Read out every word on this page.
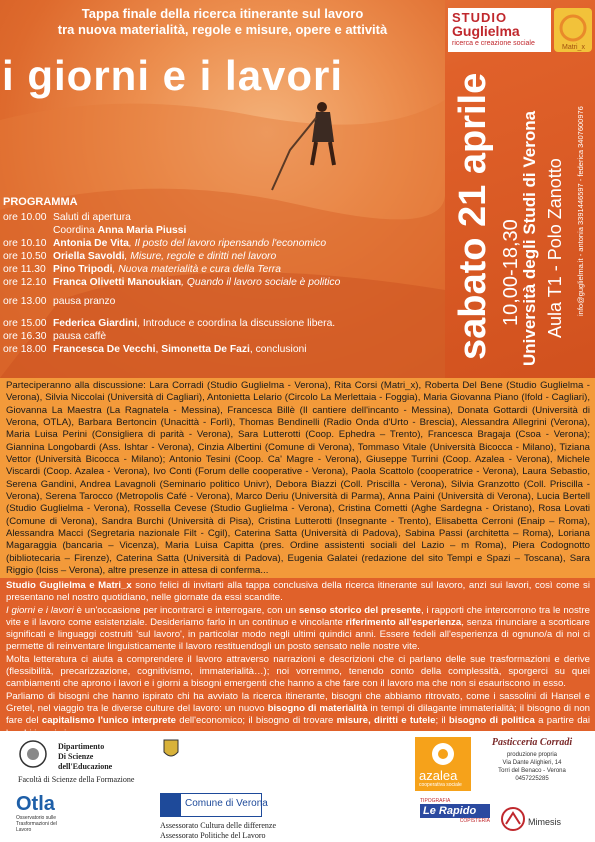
Tappa finale della ricerca itinerante sul lavoro
tra nuova materialità, regole e misure, opere e attività
i giorni e i lavori
STUDIO
Guglielma
ricerca e creazione sociale
Matri_x
sabato 21 aprile 10,00-18,30
Università degli Studi di Verona Aula T1 - Polo Zanotto info@guglielma.it - antonia 3391446597 - federica 3407600976
PROGRAMMA
ore 10.00 Saluti di apertura
Coordina Anna Maria Piussi
ore 10.10 Antonia De Vita, Il posto del lavoro ripensando l'economico
ore 10.50 Oriella Savoldi, Misure, regole e diritti nel lavoro
ore 11.30 Pino Tripodi, Nuova materialità e cura della Terra
ore 12.10 Franca Olivetti Manoukian, Quando il lavoro sociale è politico
ore 13.00 pausa pranzo
ore 15.00 Federica Giardini, Introduce e coordina la discussione libera.
ore 16.30 pausa caffè
ore 18.00 Francesca De Vecchi, Simonetta De Fazi, conclusioni
Parteciperanno alla discussione: Lara Corradi (Studio Guglielma - Verona), Rita Corsi (Matri_x), Roberta Del Bene (Studio Guglielma - Verona), Silvia Niccolai (Università di Cagliari), Antonietta Lelario (Circolo La Merlettaia - Foggia), Maria Giovanna Piano (Ifold - Cagliari), Giovanna La Maestra (La Ragnatela - Messina), Francesca Billè (Il cantiere dell'incanto - Messina), Donata Gottardi (Università di Verona, OTLA), Barbara Bertoncin (Unacittà - Forlì), Thomas Bendinelli (Radio Onda d'Urto - Brescia), Alessandra Allegrini (Verona), Maria Luisa Perini (Consigliera di parità - Verona), Sara Lutterotti (Coop. Ephedra – Trento), Francesca Bragaja (Csoa - Verona); Giannina Longobardi (Ass. Ishtar - Verona), Cinzia Albertini (Comune di Verona), Tommaso Vitale (Università Bicocca - Milano), Tiziana Vettor (Università Bicocca - Milano); Antonio Tesini (Coop. Ca' Magre - Verona), Giuseppe Turrini (Coop. Azalea - Verona), Michele Viscardi (Coop. Azalea - Verona), Ivo Conti (Forum delle cooperative - Verona), Paola Scattolo (cooperatrice - Verona), Laura Sebastio, Serena Gandini, Andrea Lavagnoli (Seminario politico Univr), Debora Biazzi (Coll. Priscilla - Verona), Silvia Granzotto (Coll. Priscilla - Verona), Serena Tarocco (Metropolis Café - Verona), Marco Deriu (Università di Parma), Anna Paini (Università di Verona), Lucia Bertell (Studio Guglielma - Verona), Rossella Cevese (Studio Guglielma - Verona), Cristina Cometti (Aghe Sardegna - Oristano), Rosa Lovati (Comune di Verona), Sandra Burchi (Università di Pisa), Cristina Lutterotti (Insegnante - Trento), Elisabetta Cerroni (Enaip – Roma), Alessandra Macci (Segretaria nazionale Filt - Cgil), Caterina Satta (Università di Padova), Sabina Passi (architetta – Roma), Loriana Magaraggia (bancaria – Vicenza), Maria Luisa Capitta (pres. Ordine assistenti sociali del Lazio – m Roma), Piera Codognotto (bibliotecaria – Firenze), Caterina Satta (Università di Padova), Eugenia Galatei (redazione del sito Tempi e Spazi – Toscana), Sara Riggio (Iciss – Verona), altre presenze in attesa di conferma...
Studio Guglielma e Matri_x sono felici di invitarti alla tappa conclusiva della ricerca itinerante sul lavoro, anzi sui lavori, così come si presentano nel nostro quotidiano, nelle giornate da essi scandite.
I giorni e i lavori è un'occasione per incontrarci e interrogare, con un senso storico del presente, i rapporti che intercorrono tra le nostre vite e il lavoro come esistenziale. Desideriamo farlo in un continuo e vincolante riferimento all'esperienza, senza rinunciare a scorticare significati e linguaggi costruiti 'sul lavoro', in particolar modo negli ultimi quindici anni. Essere fedeli all'esperienza di ognuno/a di noi ci permette di reinventare linguisticamente il lavoro restituendogli un posto sensato nelle nostre vite.
Molta letteratura ci aiuta a comprendere il lavoro attraverso narrazioni e descrizioni che ci parlano delle sue trasformazioni e derive (flessibilità, precarizzazione, cognitivismo, immaterialità…); noi vorremmo, tenendo conto della complessità, sporgerci su quei cambiamenti che aprono i lavori e i giorni a bisogni emergenti che hanno a che fare con il lavoro ma che non si esauriscono in esso.
Parliamo di bisogni che hanno ispirato chi ha avviato la ricerca itinerante, bisogni che abbiamo ritrovato, come i sassolini di Hansel e Gretel, nel viaggio tra le diverse culture del lavoro: un nuovo bisogno di materialità in tempi di dilagante immaterialità; il bisogno di non fare del capitalismo l'unico interprete dell'economico; il bisogno di trovare misure, diritti e tutele; il bisogno di politica a partire dai
Dipartimento
Di Scienze
dell'Educazione
Facoltà di Scienze della Formazione
Otla
Osservatorio sulle Trasformazioni del Lavoro
Comune di Verona
Assessorato Cultura delle differenze
Assessorato Politiche del Lavoro
azalea
cooperativa sociale
Pasticceria Corradi
produzione propria
Via Dante Alighieri, 14
Torri del Benaco - Verona
0457225285
TIPOGRAFIA
Le Rapido
COPISTERIA	Mimesis
